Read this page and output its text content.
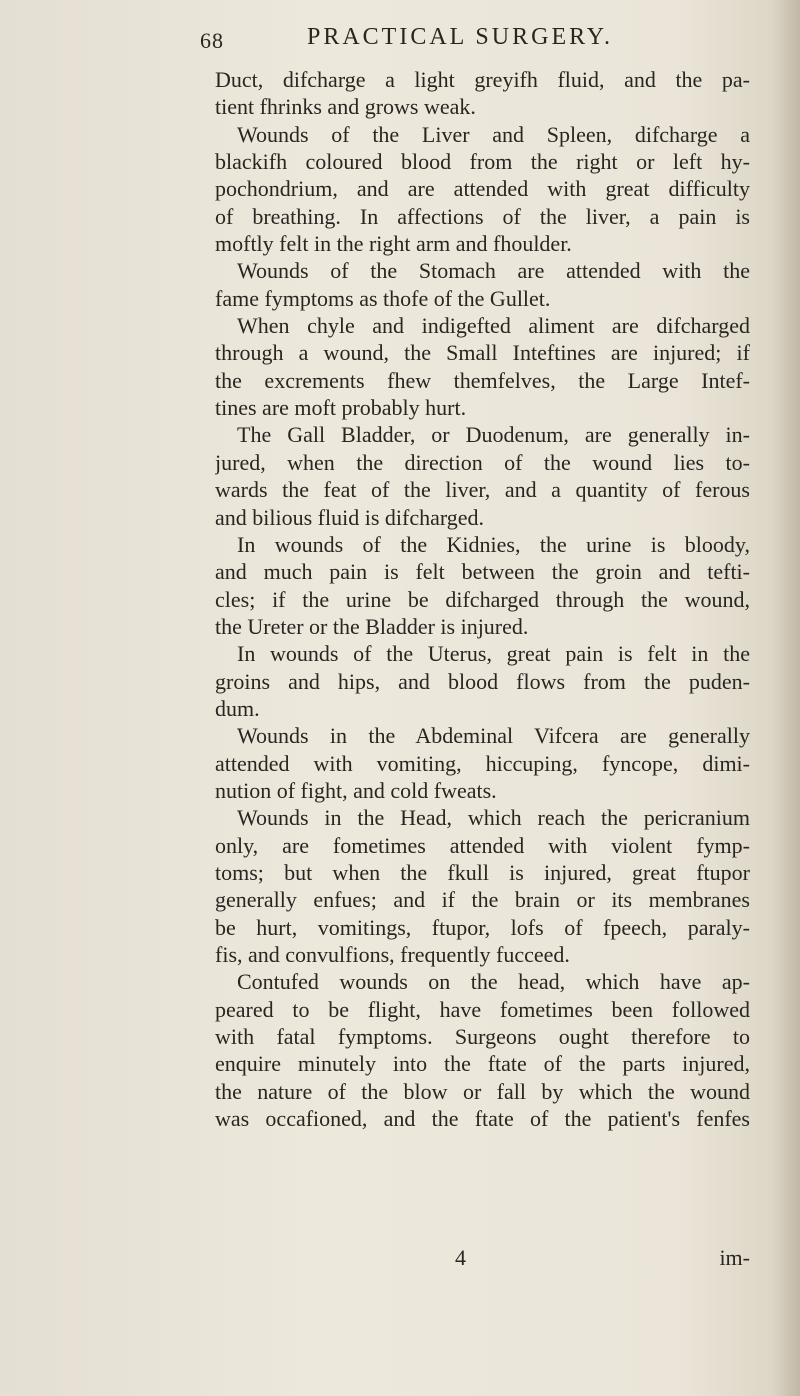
68	PRACTICAL SURGERY.
Duct, difcharge a light greyifh fluid, and the pa-
tient fhrinks and grows weak.
Wounds of the Liver and Spleen, difcharge a
blackifh coloured blood from the right or left hy-
pochondrium, and are attended with great difficulty
of breathing. In affections of the liver, a pain is
moftly felt in the right arm and fhoulder.
Wounds of the Stomach are attended with the
fame fymptoms as thofe of the Gullet.
When chyle and indigefted aliment are difcharged
through a wound, the Small Inteftines are injured; if
the excrements fhew themfelves, the Large Intef-
tines are moft probably hurt.
The Gall Bladder, or Duodenum, are generally in-
jured, when the direction of the wound lies to-
wards the feat of the liver, and a quantity of ferous
and bilious fluid is difcharged.
In wounds of the Kidnies, the urine is bloody,
and much pain is felt between the groin and tefti-
cles; if the urine be difcharged through the wound,
the Ureter or the Bladder is injured.
In wounds of the Uterus, great pain is felt in the
groins and hips, and blood flows from the puden-
dum.
Wounds in the Abdeminal Vifcera are generally
attended with vomiting, hiccuping, fyncope, dimi-
nution of fight, and cold fweats.
Wounds in the Head, which reach the pericranium
only, are fometimes attended with violent fymp-
toms; but when the fkull is injured, great ftupor
generally enfues; and if the brain or its membranes
be hurt, vomitings, ftupor, lofs of fpeech, paraly-
fis, and convulfions, frequently fucceed.
Contufed wounds on the head, which have ap-
peared to be flight, have fometimes been followed
with fatal fymptoms. Surgeons ought therefore to
enquire minutely into the ftate of the parts injured,
the nature of the blow or fall by which the wound
was occafioned, and the ftate of the patient's fenfes
4	im-
